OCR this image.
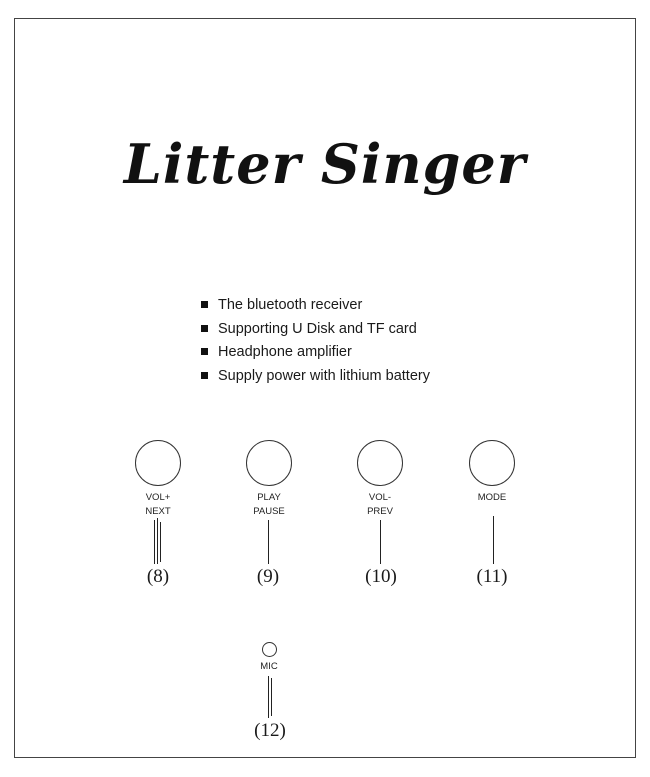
Litter Singer
The bluetooth receiver
Supporting U Disk and TF card
Headphone amplifier
Supply power with lithium battery
VOL+
NEXT
(8)
PLAY
PAUSE
(9)
VOL-
PREV
(10)
MODE
(11)
MIC
(12)
